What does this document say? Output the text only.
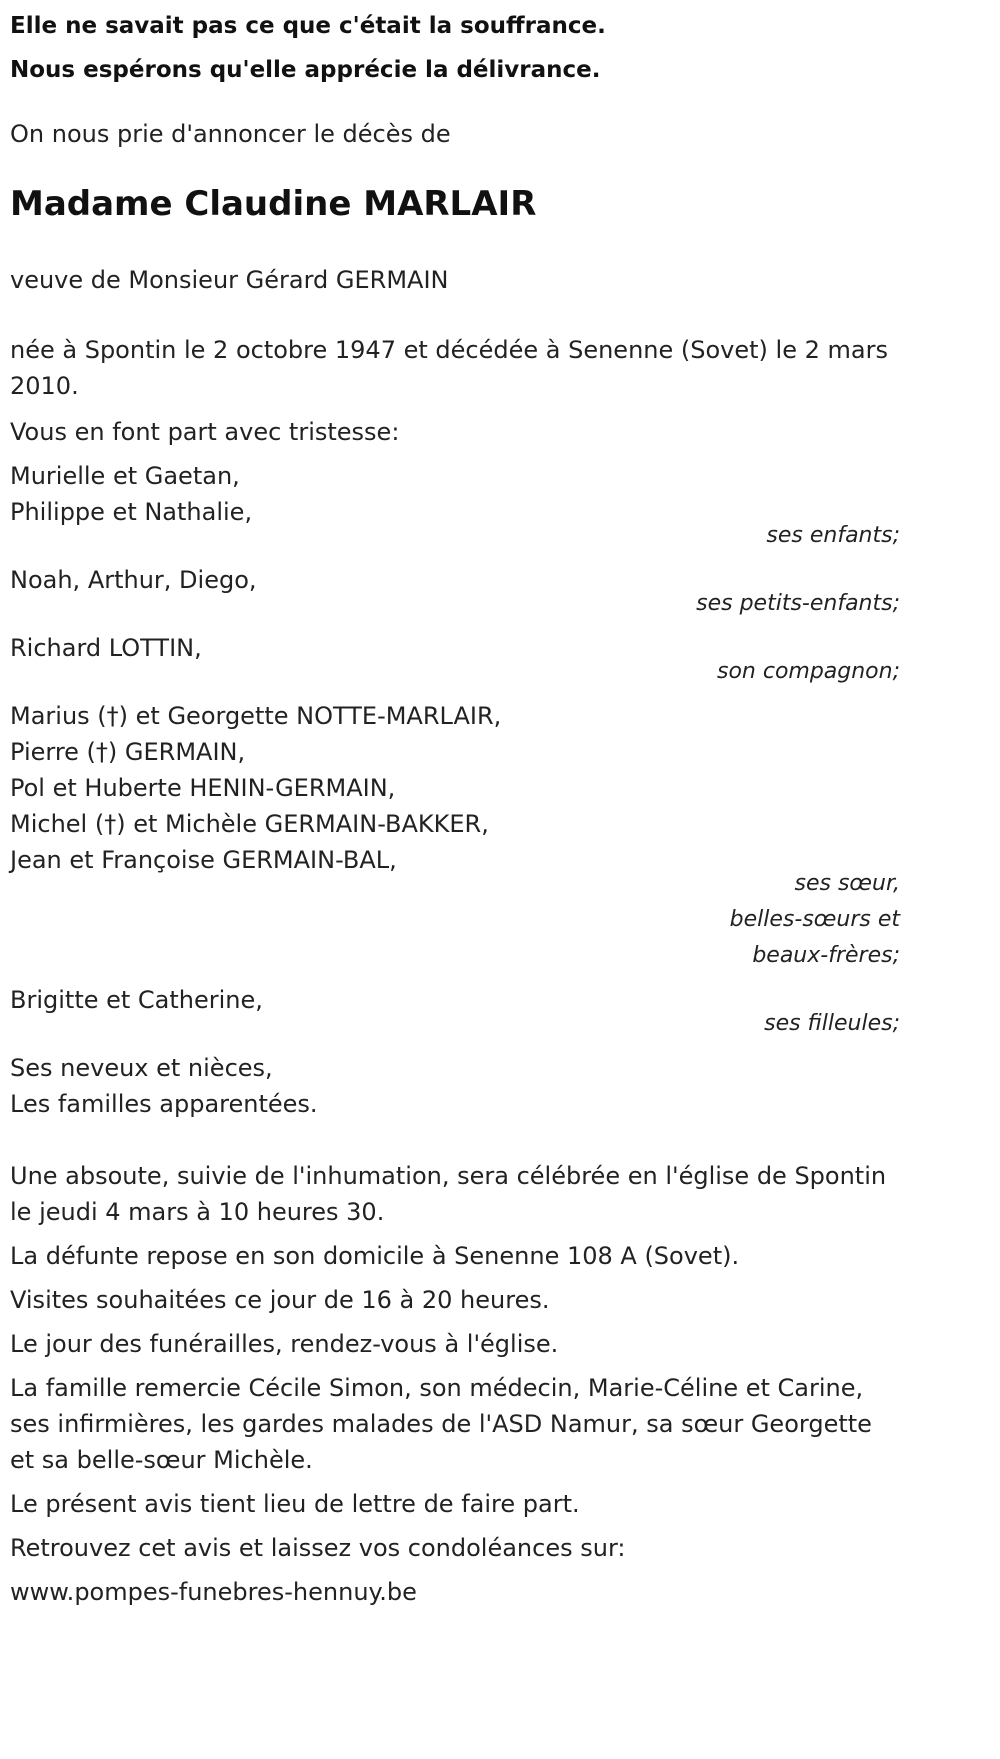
Elle ne savait pas ce que c'était la souffrance.

Nous espérons qu'elle apprécie la délivrance.

On nous prie d'annoncer le décès de

Madame Claudine MARLAIR

veuve de Monsieur Gérard GERMAIN

née à Spontin le 2 octobre 1947 et décédée à Senenne (Sovet) le 2 mars 2010.

Vous en font part avec tristesse:

Murielle et Gaetan,
Philippe et Nathalie,
ses enfants;
Noah, Arthur, Diego,
ses petits-enfants;
Richard LOTTIN,
son compagnon;
Marius (†) et Georgette NOTTE-MARLAIR,
Pierre (†) GERMAIN,
Pol et Huberte HENIN-GERMAIN,
Michel (†) et Michèle GERMAIN-BAKKER,
Jean et Françoise GERMAIN-BAL,
ses sœur,
belles-sœurs et
beaux-frères;
Brigitte et Catherine,
ses filleules;
Ses neveux et nièces,
Les familles apparentées.

Une absoute, suivie de l'inhumation, sera célébrée en l'église de Spontin le jeudi 4 mars à 10 heures 30.

La défunte repose en son domicile à Senenne 108 A (Sovet).

Visites souhaitées ce jour de 16 à 20 heures.

Le jour des funérailles, rendez-vous à l'église.

La famille remercie Cécile Simon, son médecin, Marie-Céline et Carine, ses infirmières, les gardes malades de l'ASD Namur, sa sœur Georgette et sa belle-sœur Michèle.

Le présent avis tient lieu de lettre de faire part.

Retrouvez cet avis et laissez vos condoléances sur:

www.pompes-funebres-hennuy.be
